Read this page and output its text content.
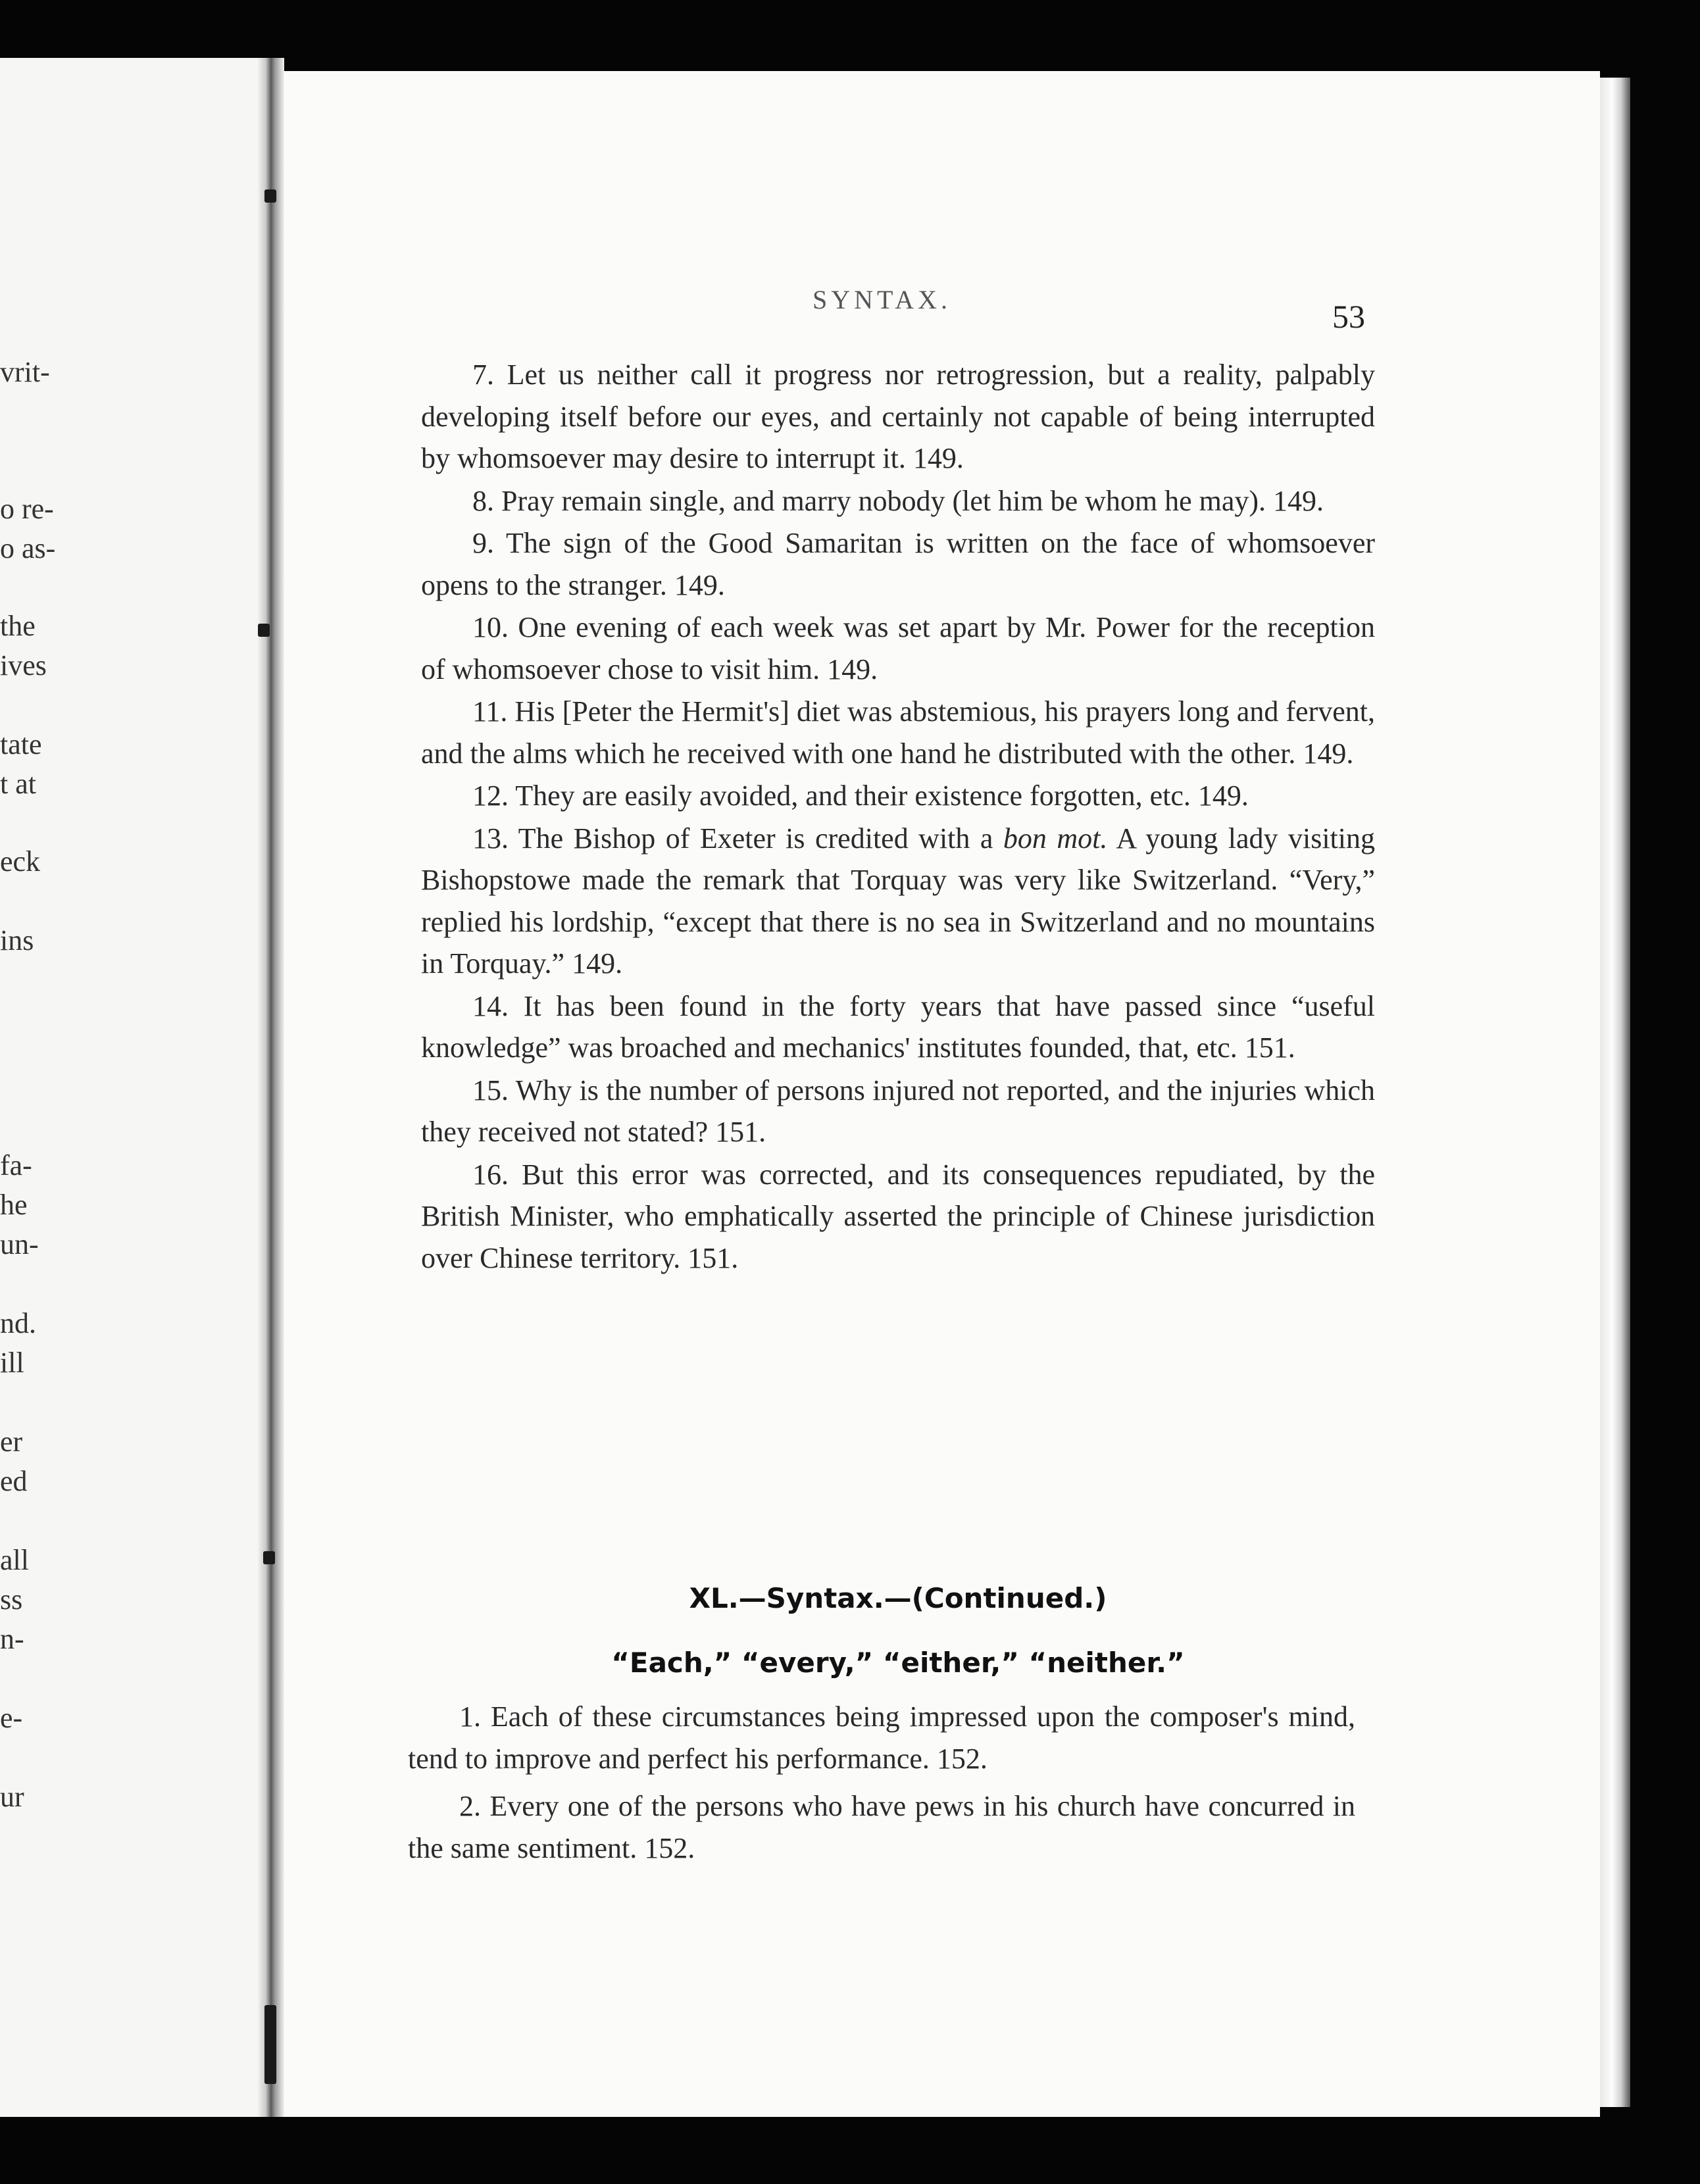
vrit-
o re-
o as-
the
ives
tate
t at
eck
ins
fa-
he
un-
nd.
ill
er
ed
all
ss
n-
e-
ur
SYNTAX.	53

7. Let us neither call it progress nor retrogression, but a reality, palpably developing itself before our eyes, and certainly not capable of being interrupted by whomsoever may desire to interrupt it. 149.

8. Pray remain single, and marry nobody (let him be whom he may). 149.

9. The sign of the Good Samaritan is written on the face of whomsoever opens to the stranger. 149.

10. One evening of each week was set apart by Mr. Power for the reception of whomsoever chose to visit him. 149.

11. His [Peter the Hermit's] diet was abstemious, his prayers long and fervent, and the alms which he received with one hand he distributed with the other. 149.

12. They are easily avoided, and their existence forgotten, etc. 149.

13. The Bishop of Exeter is credited with a bon mot. A young lady visiting Bishopstowe made the remark that Torquay was very like Switzerland. “Very,” replied his lordship, “except that there is no sea in Switzerland and no mountains in Torquay.” 149.

14. It has been found in the forty years that have passed since “useful knowledge” was broached and mechanics' institutes founded, that, etc. 151.

15. Why is the number of persons injured not reported, and the injuries which they received not stated? 151.

16. But this error was corrected, and its consequences repudiated, by the British Minister, who emphatically asserted the principle of Chinese jurisdiction over Chinese territory. 151.

XL.—Syntax.—(Continued.)
“Each,” “every,” “either,” “neither.”

1. Each of these circumstances being impressed upon the composer's mind, tend to improve and perfect his performance. 152.

2. Every one of the persons who have pews in his church have concurred in the same sentiment. 152.
